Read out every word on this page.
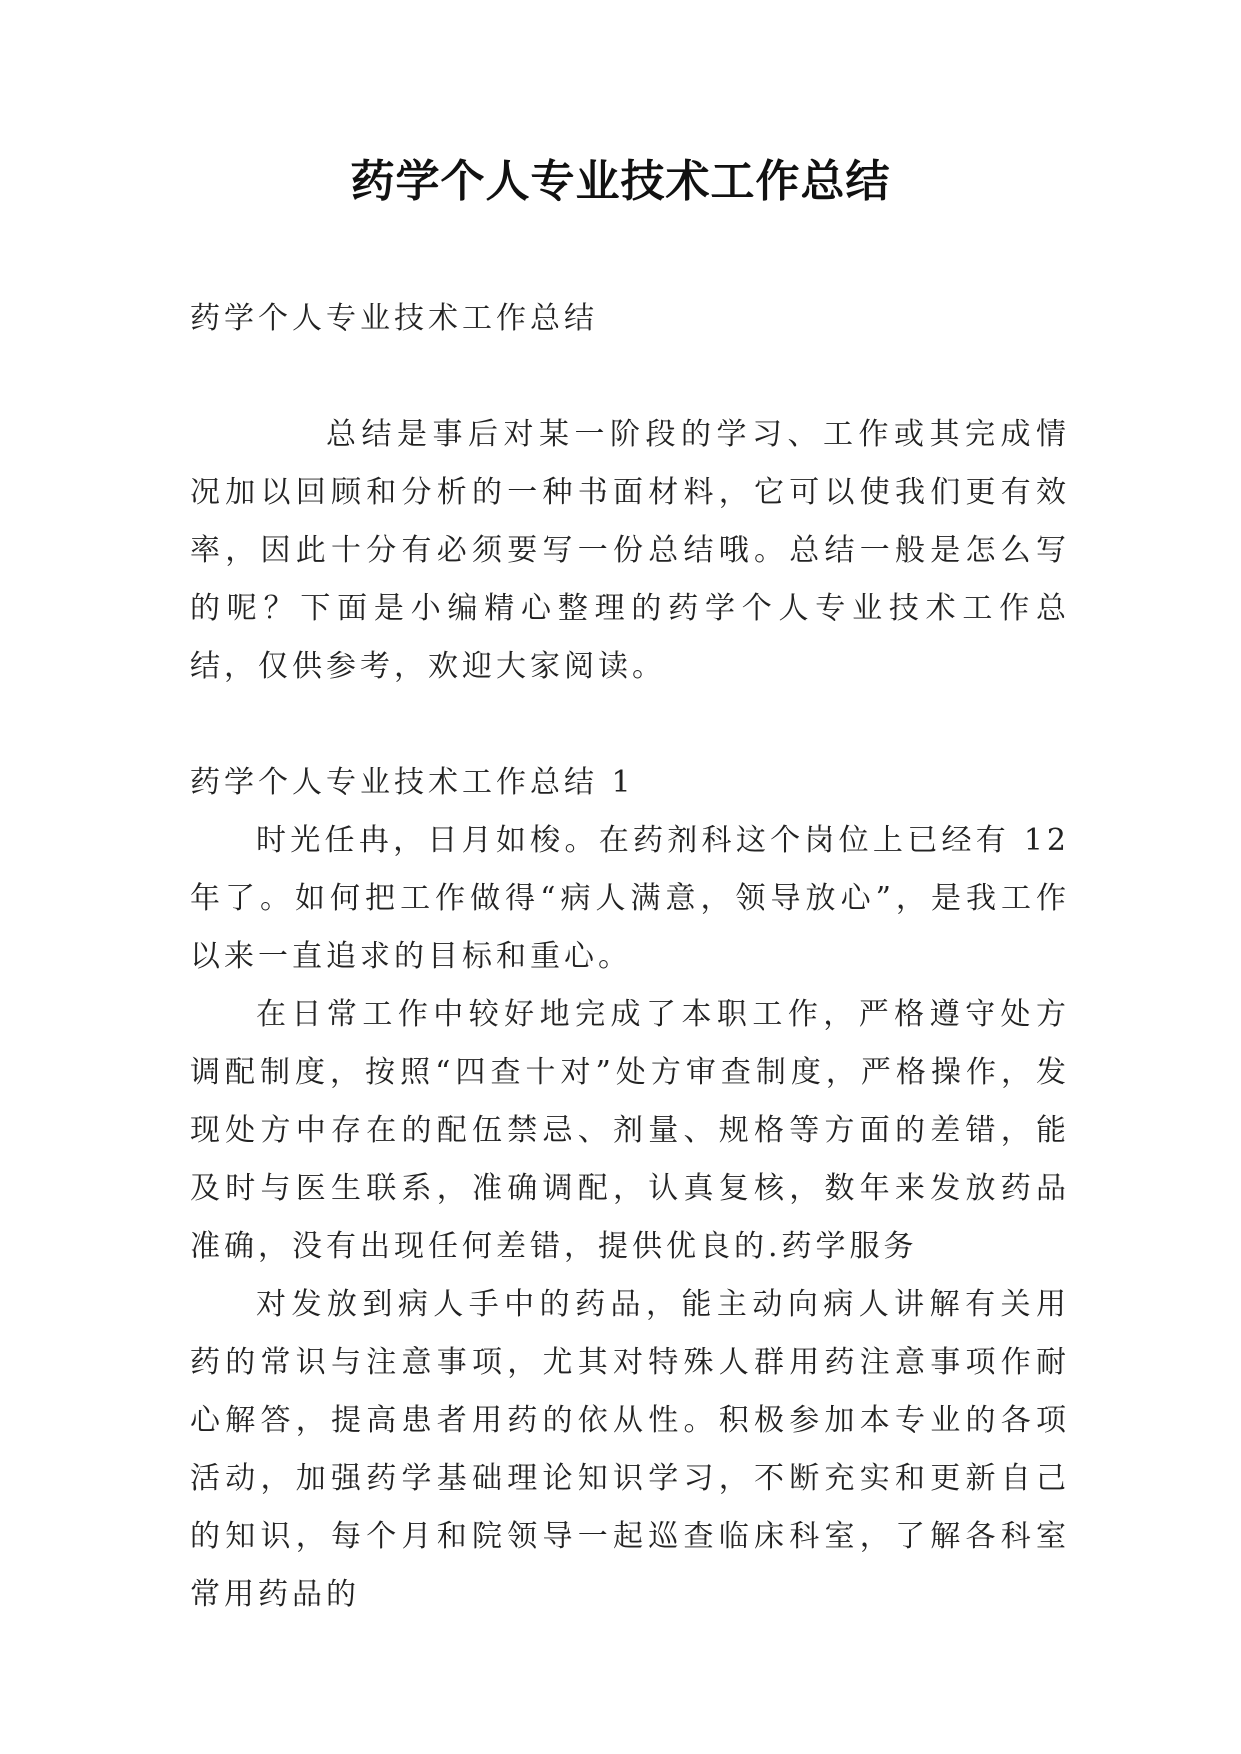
药学个人专业技术工作总结

药学个人专业技术工作总结

总结是事后对某一阶段的学习、工作或其完成情况加以回顾和分析的一种书面材料，它可以使我们更有效率，因此十分有必须要写一份总结哦。总结一般是怎么写的呢？下面是小编精心整理的药学个人专业技术工作总结，仅供参考，欢迎大家阅读。

药学个人专业技术工作总结 1

时光任冉，日月如梭。在药剂科这个岗位上已经有 12 年了。如何把工作做得“病人满意，领导放心”，是我工作以来一直追求的目标和重心。

在日常工作中较好地完成了本职工作，严格遵守处方调配制度，按照“四查十对”处方审查制度，严格操作，发现处方中存在的配伍禁忌、剂量、规格等方面的差错，能及时与医生联系，准确调配，认真复核，数年来发放药品准确，没有出现任何差错，提供优良的.药学服务

对发放到病人手中的药品，能主动向病人讲解有关用药的常识与注意事项，尤其对特殊人群用药注意事项作耐心解答，提高患者用药的依从性。积极参加本专业的各项活动，加强药学基础理论知识学习，不断充实和更新自己的知识，每个月和院领导一起巡查临床科室，了解各科室常用药品的
